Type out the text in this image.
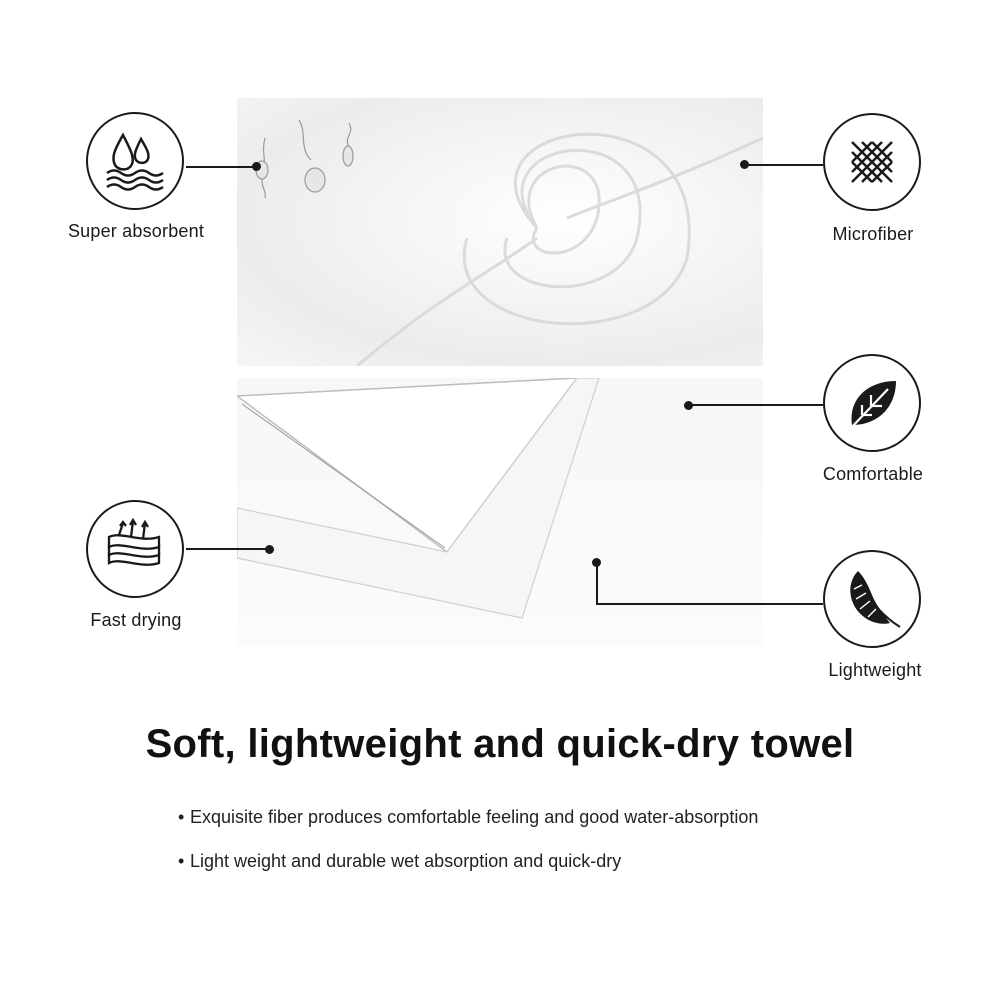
Super absorbent	Microfiber
Comfortable
Fast drying
Lightweight
Soft, lightweight and quick-dry towel
• Exquisite fiber produces comfortable feeling and good water-absorption
• Light weight and durable wet absorption and quick-dry
